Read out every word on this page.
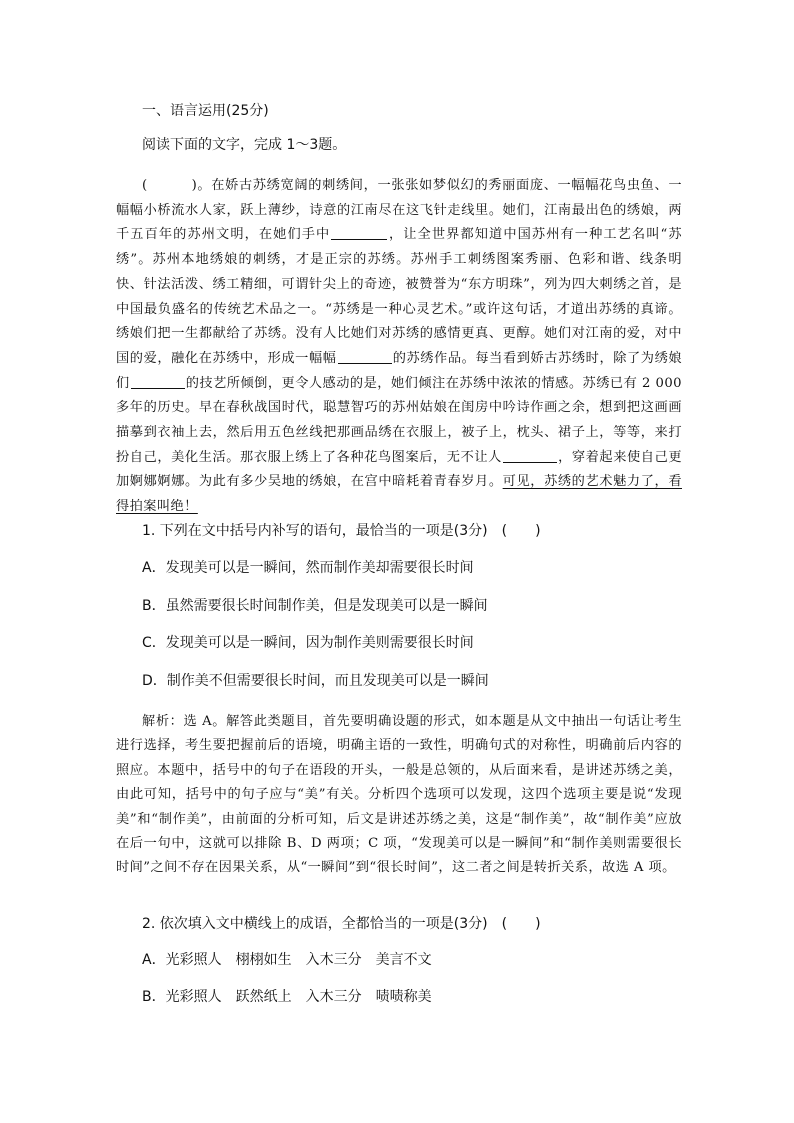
一、语言运用(25分)
阅读下面的文字，完成 1～3题。
(	)。在娇古苏绣宽阔的刺绣间，一张张如梦似幻的秀丽面庞、一幅幅花鸟虫鱼、一幅幅小桥流水人家，跃上薄纱，诗意的江南尽在这飞针走线里。她们，江南最出色的绣娘，两千五百年的苏州文明，在她们手中	，让全世界都知道中国苏州有一种工艺名叫“苏绣”。苏州本地绣娘的刺绣，才是正宗的苏绣。苏州手工刺绣图案秀丽、色彩和谐、线条明快、针法活泼、绣工精细，可谓针尖上的奇迹，被赞誉为“东方明珠”，列为四大刺绣之首，是中国最负盛名的传统艺术品之一。“苏绣是一种心灵艺术。”或许这句话，才道出苏绣的真谛。绣娘们把一生都献给了苏绣。没有人比她们对苏绣的感情更真、更醇。她们对江南的爱，对中国的爱，融化在苏绣中，形成一幅幅	的苏绣作品。每当看到娇古苏绣时，除了为绣娘们	的技艺所倾倒，更令人感动的是，她们倾注在苏绣中浓浓的情感。苏绣已有 2 000　多年的历史。早在春秋战国时代，聪慧智巧的苏州姑娘在闺房中吟诗作画之余，想到把这画画描摹到衣袖上去，然后用五色丝线把那画品绣在衣服上，被子上，枕头、裙子上，等等，来打扮自己，美化生活。那衣服上绣上了各种花鸟图案后，无不让人	，穿着起来使自己更加婀娜婀娜。为此有多少吴地的绣娘，在宫中暗耗着青春岁月。可见，苏绣的艺术魅力了，看得拍案叫绝！
1. 下列在文中括号内补写的语句，最恰当的一项是(3分)　(　　)
A．发现美可以是一瞬间，然而制作美却需要很长时间
B．虽然需要很长时间制作美，但是发现美可以是一瞬间
C．发现美可以是一瞬间，因为制作美则需要很长时间
D．制作美不但需要很长时间，而且发现美可以是一瞬间
解析：选 A。解答此类题目，首先要明确设题的形式，如本题是从文中抽出一句话让考生进行选择，考生要把握前后的语境，明确主语的一致性，明确句式的对称性，明确前后内容的照应。本题中，括号中的句子在语段的开头，一般是总领的，从后面来看，是讲述苏绣之美，由此可知，括号中的句子应与“美”有关。分析四个选项可以发现，这四个选项主要是说“发现美”和“制作美”，由前面的分析可知，后文是讲述苏绣之美，这是“制作美”，故“制作美”应放在后一句中，这就可以排除 B、D 两项；C 项，“发现美可以是一瞬间”和“制作美则需要很长时间”之间不存在因果关系，从“一瞬间”到“很长时间”，这二者之间是转折关系，故选 A 项。
2. 依次填入文中横线上的成语，全都恰当的一项是(3分)　(　　)
A．光彩照人　栩栩如生　入木三分　美言不文
B．光彩照人　跃然纸上　入木三分　啧啧称美
